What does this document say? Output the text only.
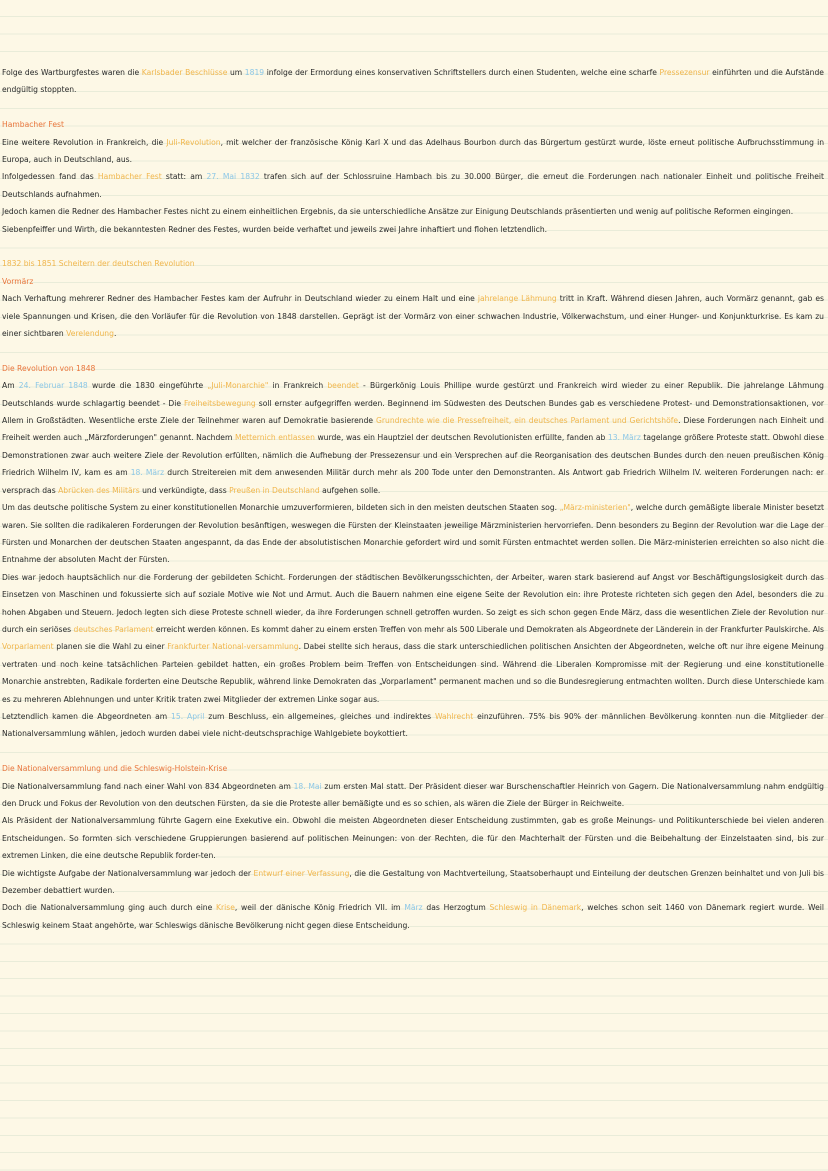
Folge des Wartburgfestes waren die Karlsbader Beschlüsse um 1819 infolge der Ermordung eines konservativen Schriftstellers durch einen Studenten, welche eine scharfe Pressezensur einführten und die Aufstände endgültig stoppten.

Hambacher Fest

Eine weitere Revolution in Frankreich, die Juli-Revolution, mit welcher der französische König Karl X und das Adelhaus Bourbon durch das Bürgertum gestürzt wurde, löste erneut politische Aufbruchsstimmung in Europa, auch in Deutschland, aus.

Infolgedessen fand das Hambacher Fest statt: am 27. Mai 1832 trafen sich auf der Schlossruine Hambach bis zu 30.000 Bürger, die erneut die Forderungen nach nationaler Einheit und politische Freiheit Deutschlands aufnahmen.

Jedoch kamen die Redner des Hambacher Festes nicht zu einem einheitlichen Ergebnis, da sie unterschiedliche Ansätze zur Einigung Deutschlands präsentierten und wenig auf politische Reformen eingingen.

Siebenpfeiffer und Wirth, die bekanntesten Redner des Festes, wurden beide verhaftet und jeweils zwei Jahre inhaftiert und flohen letztendlich.

1832 bis 1851 Scheitern der deutschen Revolution

Vormärz

Nach Verhaftung mehrerer Redner des Hambacher Festes kam der Aufruhr in Deutschland wieder zu einem Halt und eine jahrelange Lähmung tritt in Kraft. Während diesen Jahren, auch Vormärz genannt, gab es viele Spannungen und Krisen, die den Vorläufer für die Revolution von 1848 darstellen. Geprägt ist der Vormärz von einer schwachen Industrie, Völkerwachstum, und einer Hunger- und Konjunkturkrise. Es kam zu einer sichtbaren Verelendung.

Die Revolution von 1848

Am 24. Februar 1848 wurde die 1830 eingeführte „Juli-Monarchie" in Frankreich beendet - Bürgerkönig Louis Phillipe wurde gestürzt und Frankreich wird wieder zu einer Republik. Die jahrelange Lähmung Deutschlands wurde schlagartig beendet - Die Freiheitsbewegung soll ernster aufgegriffen werden. Beginnend im Südwesten des Deutschen Bundes gab es verschiedene Protest- und Demonstrationsaktionen, vor Allem in Großstädten. Wesentliche erste Ziele der Teilnehmer waren auf Demokratie basierende Grundrechte wie die Pressefreiheit, ein deutsches Parlament und Gerichtshöfe. Diese Forderungen nach Einheit und Freiheit werden auch „Märzforderungen" genannt. Nachdem Metternich entlassen wurde, was ein Hauptziel der deutschen Revolutionisten erfüllte, fanden ab 13. März tagelange größere Proteste statt. Obwohl diese Demonstrationen zwar auch weitere Ziele der Revolution erfüllten, nämlich die Aufhebung der Pressezensur und ein Versprechen auf die Reorganisation des deutschen Bundes durch den neuen preußischen König Friedrich Wilhelm IV, kam es am 18. März durch Streitereien mit dem anwesenden Militär durch mehr als 200 Tode unter den Demonstranten. Als Antwort gab Friedrich Wilhelm IV. weiteren Forderungen nach: er versprach das Abrücken des Militärs und verkündigte, dass Preußen in Deutschland aufgehen solle.

Um das deutsche politische System zu einer konstitutionellen Monarchie umzuverformieren, bildeten sich in den meisten deutschen Staaten sog. „März-ministerien", welche durch gemäßigte liberale Minister besetzt waren. Sie sollten die radikaleren Forderungen der Revolution besänftigen, weswegen die Fürsten der Kleinstaaten jeweilige Märzministerien hervorriefen. Denn besonders zu Beginn der Revolution war die Lage der Fürsten und Monarchen der deutschen Staaten angespannt, da das Ende der absolutistischen Monarchie gefordert wird und somit Fürsten entmachtet werden sollen. Die März-ministerien erreichten so also nicht die Entnahme der absoluten Macht der Fürsten.

Dies war jedoch hauptsächlich nur die Forderung der gebildeten Schicht. Forderungen der städtischen Bevölkerungsschichten, der Arbeiter, waren stark basierend auf Angst vor Beschäftigungslosigkeit durch das Einsetzen von Maschinen und fokussierte sich auf soziale Motive wie Not und Armut. Auch die Bauern nahmen eine eigene Seite der Revolution ein: ihre Proteste richteten sich gegen den Adel, besonders die zu hohen Abgaben und Steuern. Jedoch legten sich diese Proteste schnell wieder, da ihre Forderungen schnell getroffen wurden. So zeigt es sich schon gegen Ende März, dass die wesentlichen Ziele der Revolution nur durch ein seriöses deutsches Parlament erreicht werden können. Es kommt daher zu einem ersten Treffen von mehr als 500 Liberale und Demokraten als Abgeordnete der Länderein in der Frankfurter Paulskirche. Als Vorparlament planen sie die Wahl zu einer Frankfurter National-versammlung. Dabei stellte sich heraus, dass die stark unterschiedlichen politischen Ansichten der Abgeordneten, welche oft nur ihre eigene Meinung vertraten und noch keine tatsächlichen Parteien gebildet hatten, ein großes Problem beim Treffen von Entscheidungen sind. Während die Liberalen Kompromisse mit der Regierung und eine konstitutionelle Monarchie anstrebten, Radikale forderten eine Deutsche Republik, während linke Demokraten das „Vorparlament" permanent machen und so die Bundesregierung entmachten wollten. Durch diese Unterschiede kam es zu mehreren Ablehnungen und unter Kritik traten zwei Mitglieder der extremen Linke sogar aus.

Letztendlich kamen die Abgeordneten am 15. April zum Beschluss, ein allgemeines, gleiches und indirektes Wahlrecht einzuführen. 75% bis 90% der männlichen Bevölkerung konnten nun die Mitglieder der Nationalversammlung wählen, jedoch wurden dabei viele nicht-deutschsprachige Wahlgebiete boykottiert.

Die Nationalversammlung und die Schleswig-Holstein-Krise

Die Nationalversammlung fand nach einer Wahl von 834 Abgeordneten am 18. Mai zum ersten Mal statt. Der Präsident dieser war Burschenschaftler Heinrich von Gagern. Die Nationalversammlung nahm endgültig den Druck und Fokus der Revolution von den deutschen Fürsten, da sie die Proteste aller bemäßigte und es so schien, als wären die Ziele der Bürger in Reichweite.

Als Präsident der Nationalversammlung führte Gagern eine Exekutive ein. Obwohl die meisten Abgeordneten dieser Entscheidung zustimmten, gab es große Meinungs- und Politikunterschiede bei vielen anderen Entscheidungen. So formten sich verschiedene Gruppierungen basierend auf politischen Meinungen: von der Rechten, die für den Machterhalt der Fürsten und die Beibehaltung der Einzelstaaten sind, bis zur extremen Linken, die eine deutsche Republik forder-ten.

Die wichtigste Aufgabe der Nationalversammlung war jedoch der Entwurf einer Verfassung, die die Gestaltung von Machtverteilung, Staatsoberhaupt und Einteilung der deutschen Grenzen beinhaltet und von Juli bis Dezember debattiert wurden.

Doch die Nationalversammlung ging auch durch eine Krise, weil der dänische König Friedrich VII. im März das Herzogtum Schleswig in Dänemark, welches schon seit 1460 von Dänemark regiert wurde. Weil Schleswig keinem Staat angehörte, war Schleswigs dänische Bevölkerung nicht gegen diese Entscheidung.
